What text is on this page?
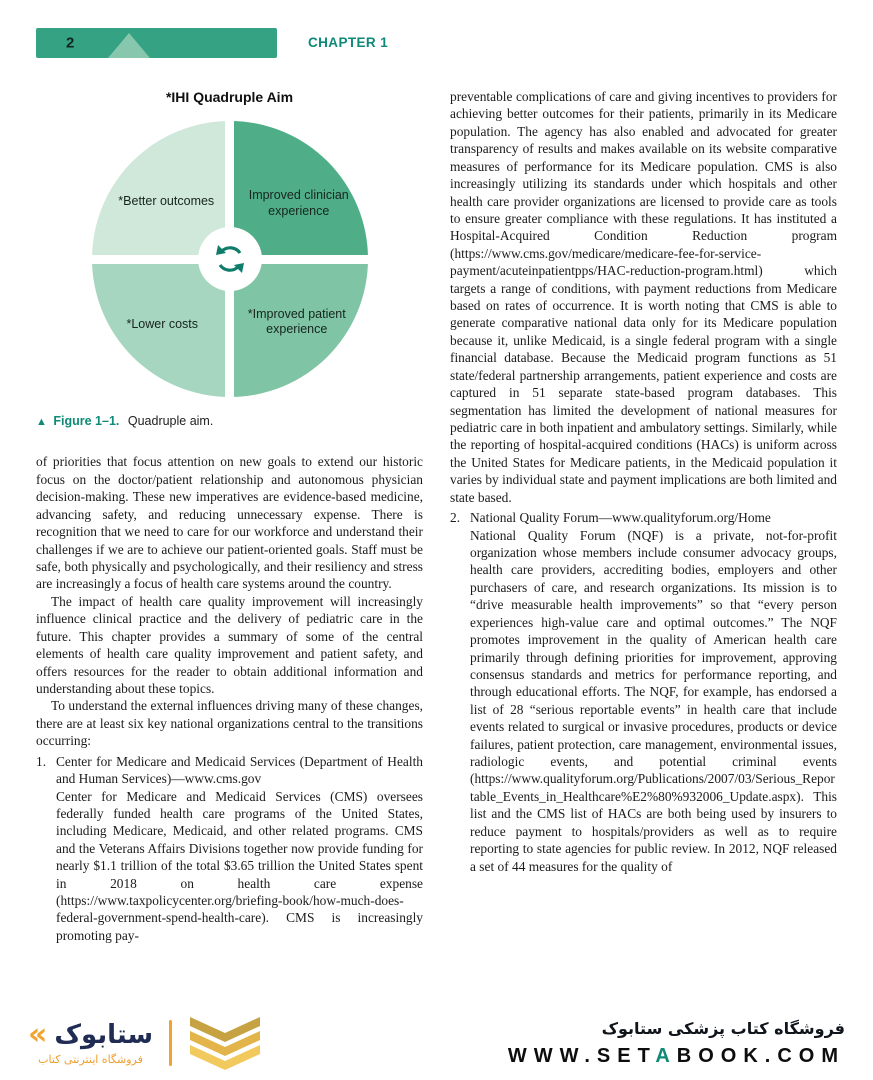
2	CHAPTER 1
*IHI Quadruple Aim
*Better outcomes	Improved clinician experience
*Lower costs
*Improved patient experience
▲ Figure 1–1. Quadruple aim.

of priorities that focus attention on new goals to extend our historic focus on the doctor/patient relationship and autonomous physician decision-making. These new imperatives are evidence-based medicine, advancing safety, and reducing unnecessary expense. There is recognition that we need to care for our workforce and understand their challenges if we are to achieve our patient-oriented goals. Staff must be safe, both physically and psychologically, and their resiliency and stress are increasingly a focus of health care systems around the country.

The impact of health care quality improvement will increasingly influence clinical practice and the delivery of pediatric care in the future. This chapter provides a summary of some of the central elements of health care quality improvement and patient safety, and offers resources for the reader to obtain additional information and understanding about these topics.

To understand the external influences driving many of these changes, there are at least six key national organizations central to the transitions occurring:

1. Center for Medicare and Medicaid Services (Department of Health and Human Services)—www.cms.gov
Center for Medicare and Medicaid Services (CMS) oversees federally funded health care programs of the United States, including Medicare, Medicaid, and other related programs. CMS and the Veterans Affairs Divisions together now provide funding for nearly $1.1 trillion of the total $3.65 trillion the United States spent in 2018 on health care expense (https://www.taxpolicycenter.org/briefing-book/how-much-does-federal-government-spend-health-care). CMS is increasingly promoting pay-

preventable complications of care and giving incentives to providers for achieving better outcomes for their patients, primarily in its Medicare population. The agency has also enabled and advocated for greater transparency of results and makes available on its website comparative measures of performance for its Medicare population. CMS is also increasingly utilizing its standards under which hospitals and other health care provider organizations are licensed to provide care as tools to ensure greater compliance with these regulations. It has instituted a Hospital-Acquired Condition Reduction program (https://www.cms.gov/medicare/medicare-fee-for-service-payment/acuteinpatientpps/HAC-reduction-program.html) which targets a range of conditions, with payment reductions from Medicare based on rates of occurrence. It is worth noting that CMS is able to generate comparative national data only for its Medicare population because it, unlike Medicaid, is a single federal program with a single financial database. Because the Medicaid program functions as 51 state/federal partnership arrangements, patient experience and costs are captured in 51 separate state-based program databases. This segmentation has limited the development of national measures for pediatric care in both inpatient and ambulatory settings. Similarly, while the reporting of hospital-acquired conditions (HACs) is uniform across the United States for Medicare patients, in the Medicaid population it varies by individual state and payment implications are both limited and state based.

2. National Quality Forum—www.qualityforum.org/Home
National Quality Forum (NQF) is a private, not-for-profit organization whose members include consumer advocacy groups, health care providers, accrediting bodies, employers and other purchasers of care, and research organizations. Its mission is to “drive measurable health improvements” so that “every person experiences high-value care and optimal outcomes.” The NQF promotes improvement in the quality of American health care primarily through defining priorities for improvement, approving consensus standards and metrics for performance reporting, and through educational efforts. The NQF, for example, has endorsed a list of 28 “serious reportable events” in health care that include events related to surgical or invasive procedures, products or device failures, patient protection, care management, environmental issues, radiologic events, and potential criminal events (https://www.qualityforum.org/Publications/2007/03/Serious_Reportable_Events_in_Healthcare%E2%80%932006_Update.aspx). This list and the CMS list of HACs are both being used by insurers to reduce payment to hospitals/providers as well as to require reporting to state agencies for public review. In 2012, NQF released a set of 44 measures for the quality of
« ستابوک
فروشگاه اینترنتی کتاب
فروشگاه کتاب پزشکی ستابوک
WWW.SETABOOK.COM
